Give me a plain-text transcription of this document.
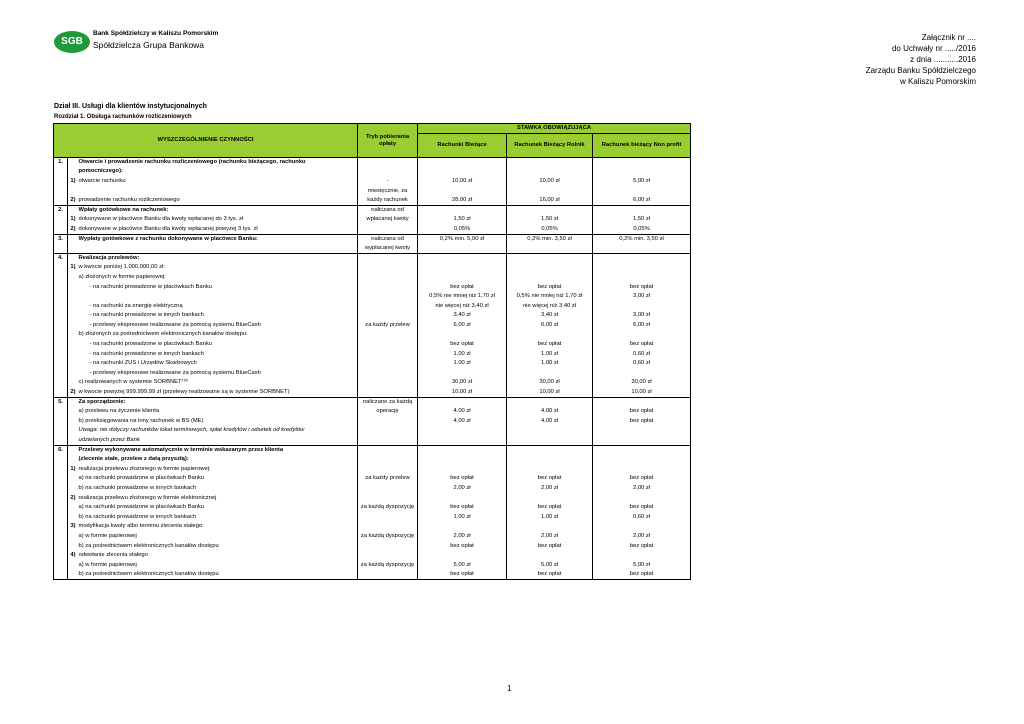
SGB
Bank Spółdzielczy w Kaliszu Pomorskim
Spółdzielcza Grupa Bankowa
Załącznik nr ....
do Uchwały nr ...../2016
z dnia ...........2016
Zarządu Banku Spółdzielczego
w Kaliszu Pomorskim
Dział III. Usługi dla klientów instytucjonalnych
Rozdział 1. Obsługa rachunków rozliczeniowych
WYSZCZEGÓLNIENIE CZYNNOŚCI			Tryb pobierania opłaty	STAWKA OBOWIĄZUJĄCA		
				Rachunki Bieżące	Rachunek Bieżący Rolnik	Rachunek bieżący Non profit
1.		Otwarcie i prowadzenie rachunku rozliczeniowego (rachunku bieżącego, rachunku				
		pomocniczego):				
	1)	otwarcie rachunku	-	10,00 zł	10,00 zł	5,00 zł
			miesięcznie, za			
	2)	prowadzenie rachunku rozliczeniowego	każdy rachunek	28,00 zł	16,00 zł	6,00 zł
2.		Wpłaty gotówkowe na rachunek:	naliczana od			
	1)	dokonywane w placówce Banku dla kwoty wpłacanej do 3 tys. zł	wpłacanej kwoty	1,50 zł	1,50 zł	1,50 zł
	2)	dokonywane w placówce Banku dla kwoty wpłacanej powyżej 3 tys. zł		0,05%	0,05%	0,05%
3.		Wypłaty gotówkowe z rachunku dokonywane w placówce Banku:	naliczana od	0,2% min. 5,00 zł	0,2% min. 3,50 zł	0,2% min. 3,50 zł
			wypłacanej kwoty			
4.		Realizacja przelewów:				
	1)	w kwocie poniżej 1.000.000,00 zł:				
		a) złożonych w formie papierowej:				
		- na rachunki prowadzone w placówkach Banku		bez opłat	bez opłat	bez opłat
				0,5% nie mniej niż 1,70 zł	0,5% nie mniej niż 1,70 zł	3,00 zł
		- na rachunki za energię elektryczną		nie więcej niż 3,40 zł	nie więcej niż 3,40 zł	
		- na rachunki prowadzone w innych bankach		3,40 zł	3,40 zł	3,00 zł
		- przelewy ekspresowe realizowane za pomocą systemu BlueCash	za każdy przelew	6,00 zł	6,00 zł	6,00 zł
		b) złożonych za pośrednictwem elektronicznych kanałów dostępu:				
		- na rachunki prowadzone w placówkach Banku		bez opłat	bez opłat	bez opłat
		- na rachunki prowadzone w innych bankach		1,00 zł	1,00 zł	0,60 zł
		- na rachunki ZUS i Urzędów Skarbowych		1,00 zł	1,00 zł	0,60 zł
		- przelewy ekspresowe realizowane za pomocą systemu BlueCash				
		c) realizowanych w systemie SORBNET¹⁾²⁾		30,00 zł	30,00 zł	30,00 zł
	2)	w kwocie powyżej 999.999,99 zł (przelewy realizowane są w systemie SORBNET)		10,00 zł	10,00 zł	10,00 zł
5.		Za sporządzenie:	naliczane za każdą			
		a) przelewu na życzenie klienta	operację	4,00 zł	4,00 zł	bez opłat
		b) przeksięgowania na inny rachunek w BS (ME)		4,00 zł	4,00 zł	bez opłat
		Uwaga: nie dotyczy rachunków lokat terminowych, spłat kredytów i odsetek od kredytów				
		udzielanych przez Bank				
6.		Przelewy wykonywane automatycznie w terminie wskazanym przez klienta				
		(zlecenie stałe, przelew z datą przyszłą):				
	1)	realizacja przelewu złożonego w formie papierowej:				
		a) na rachunki prowadzone w placówkach Banku	za każdy przelew	bez opłat	bez opłat	bez opłat
		b) na rachunki prowadzone w innych bankach		2,00 zł	2,00 zł	2,00 zł
	2)	realizacja przelewu złożonego w formie elektronicznej				
		a) na rachunki prowadzone w placówkach Banku	za każdą dyspozycję	bez opłat	bez opłat	bez opłat
		b) na rachunki prowadzone w innych bankach		1,00 zł	1,00 zł	0,60 zł
	3)	modyfikacja kwoty albo terminu zlecenia stałego:				
		a) w formie papierowej	za każdą dyspozycję	2,00 zł	2,00 zł	2,00 zł
		b) za pośrednictwem elektronicznych kanałów dostępu		bez opłat	bez opłat	bez opłat
	4)	odwołanie zlecenia stałego				
		a) w formie papierowej	za każdą dyspozycję	5,00 zł	5,00 zł	5,00 zł
		b) za pośrednictwem elektronicznych kanałów dostępu		bez opłat	bez opłat	bez opłat
1
